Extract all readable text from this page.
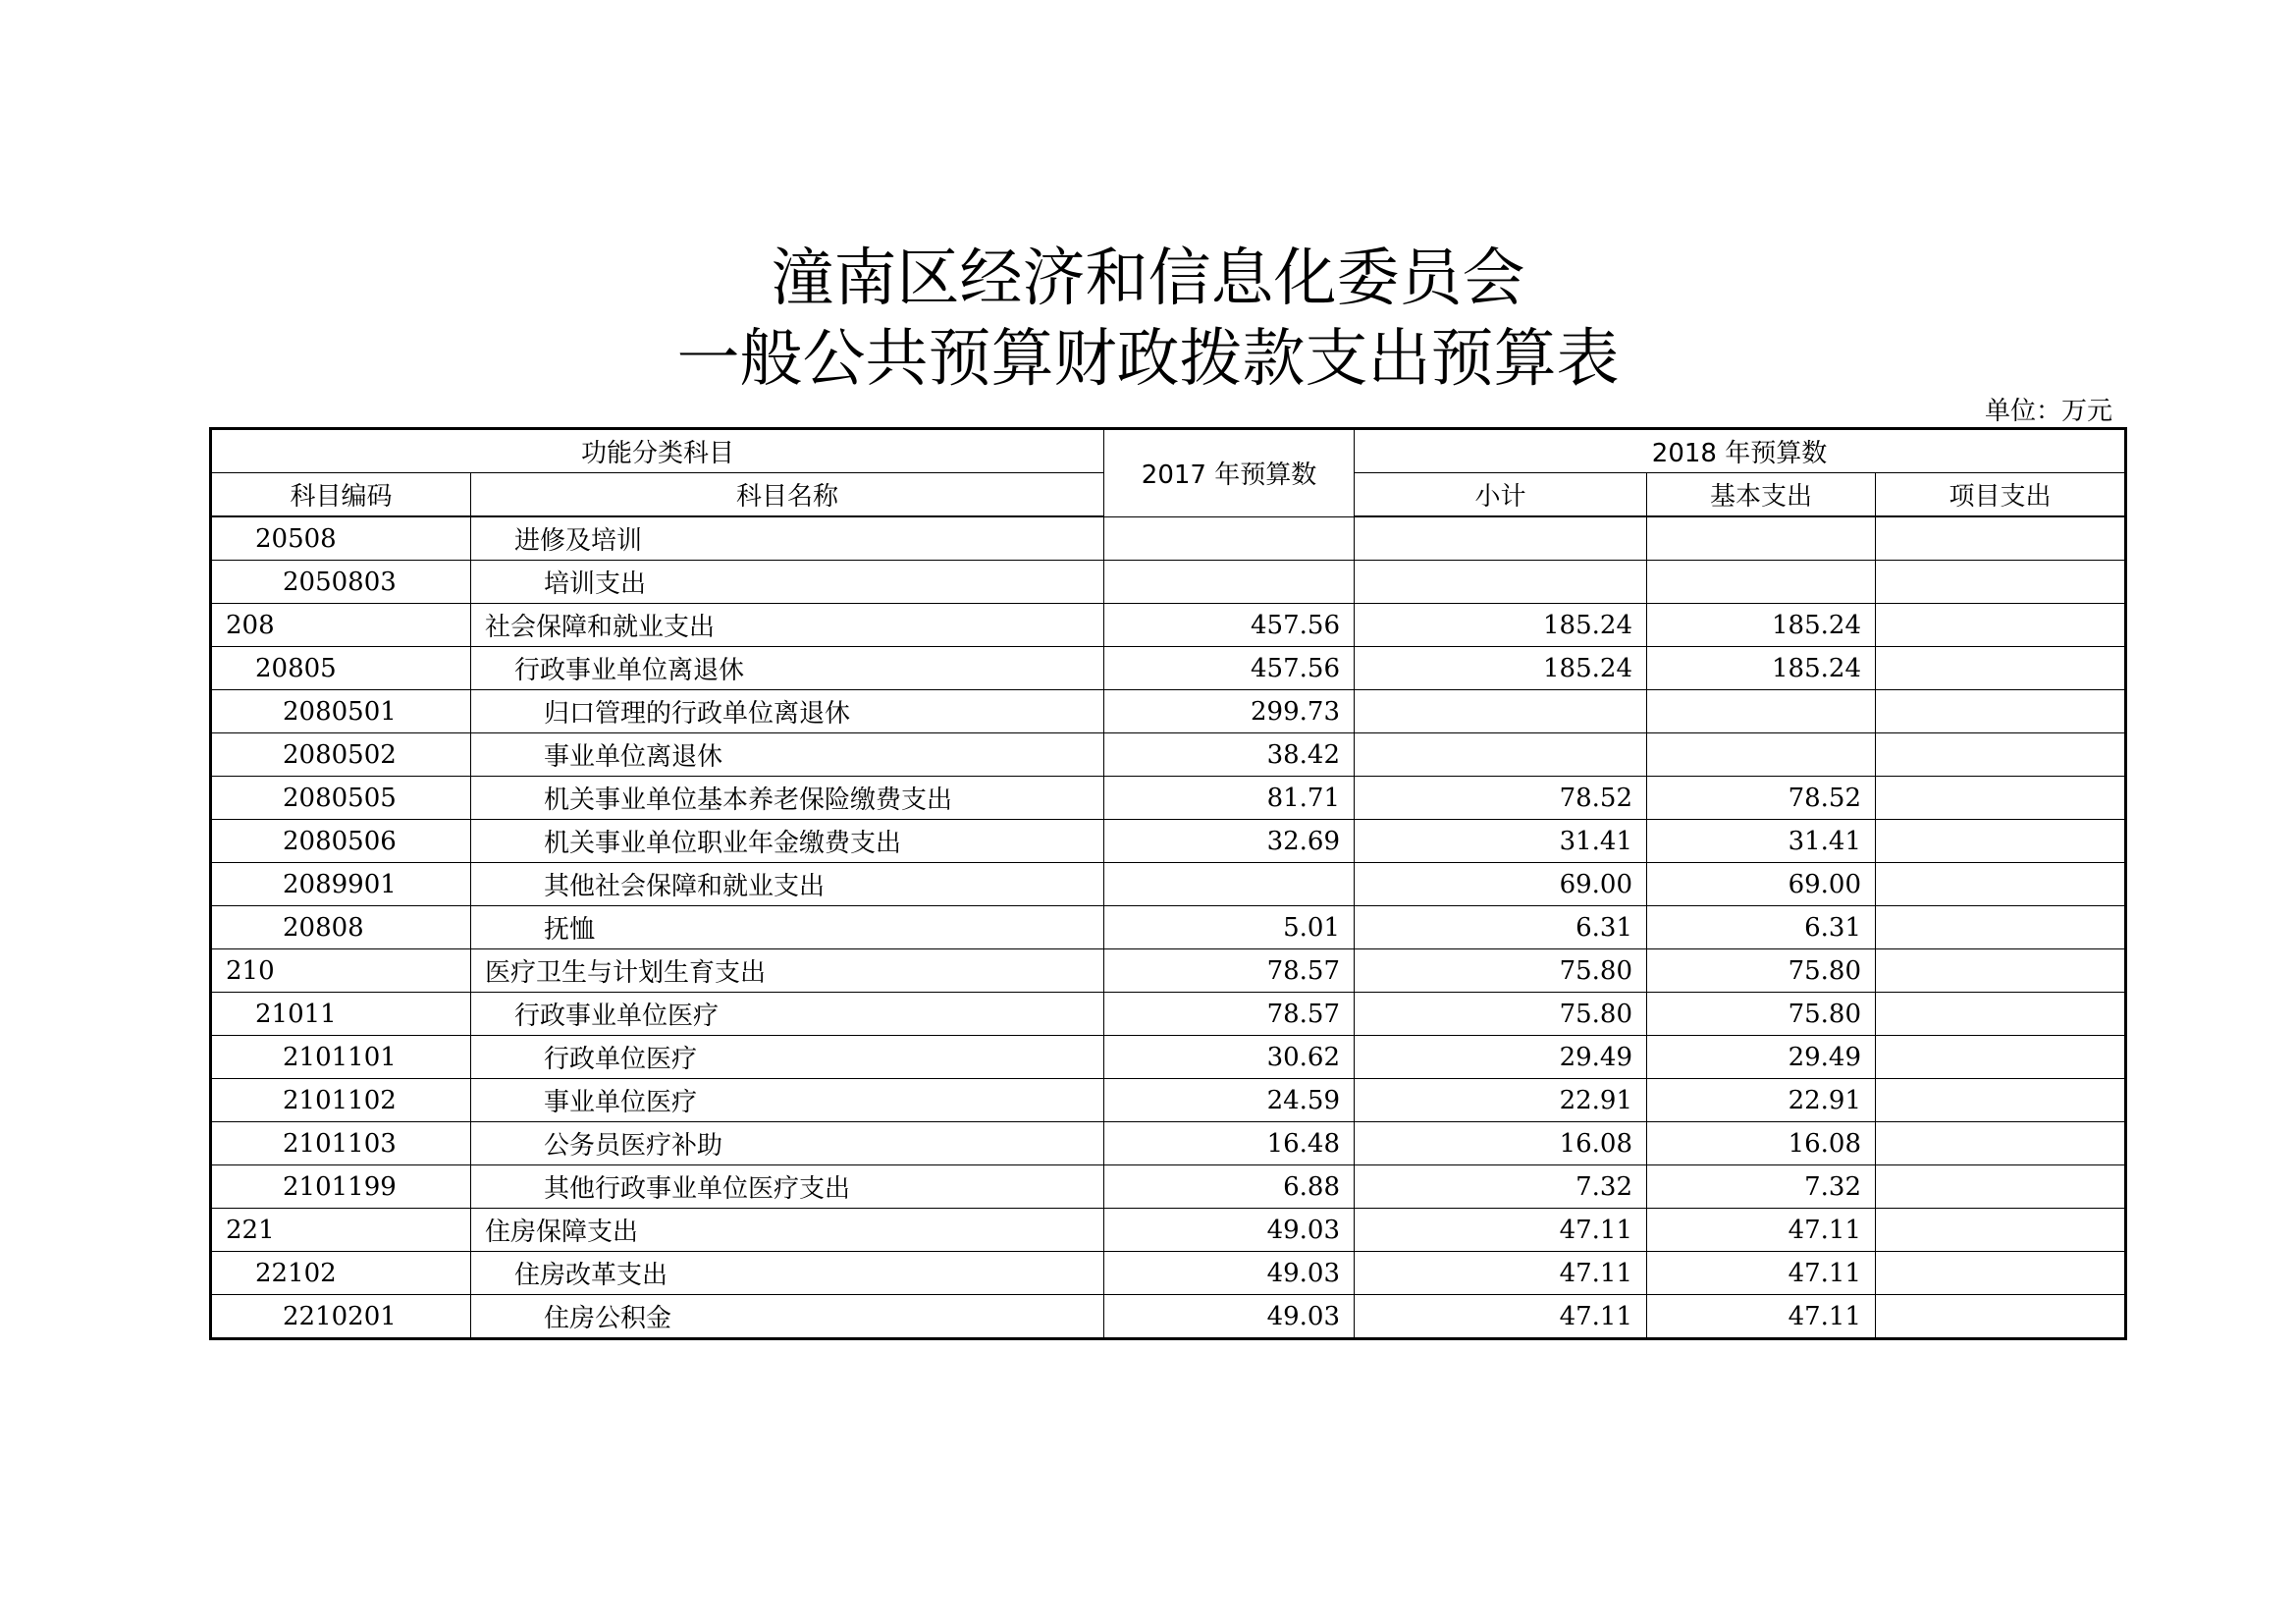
潼南区经济和信息化委员会
一般公共预算财政拨款支出预算表
单位：万元
功能分类科目		2017 年预算数	2018 年预算数		
科目编码	科目名称		小计	基本支出	项目支出
20508	进修及培训				
2050803	培训支出				
208	社会保障和就业支出	457.56	185.24	185.24	
20805	行政事业单位离退休	457.56	185.24	185.24	
2080501	归口管理的行政单位离退休	299.73			
2080502	事业单位离退休	38.42			
2080505	机关事业单位基本养老保险缴费支出	81.71	78.52	78.52	
2080506	机关事业单位职业年金缴费支出	32.69	31.41	31.41	
2089901	其他社会保障和就业支出		69.00	69.00	
20808	抚恤	5.01	6.31	6.31	
210	医疗卫生与计划生育支出	78.57	75.80	75.80	
21011	行政事业单位医疗	78.57	75.80	75.80	
2101101	行政单位医疗	30.62	29.49	29.49	
2101102	事业单位医疗	24.59	22.91	22.91	
2101103	公务员医疗补助	16.48	16.08	16.08	
2101199	其他行政事业单位医疗支出	6.88	7.32	7.32	
221	住房保障支出	49.03	47.11	47.11	
22102	住房改革支出	49.03	47.11	47.11	
2210201	住房公积金	49.03	47.11	47.11	
